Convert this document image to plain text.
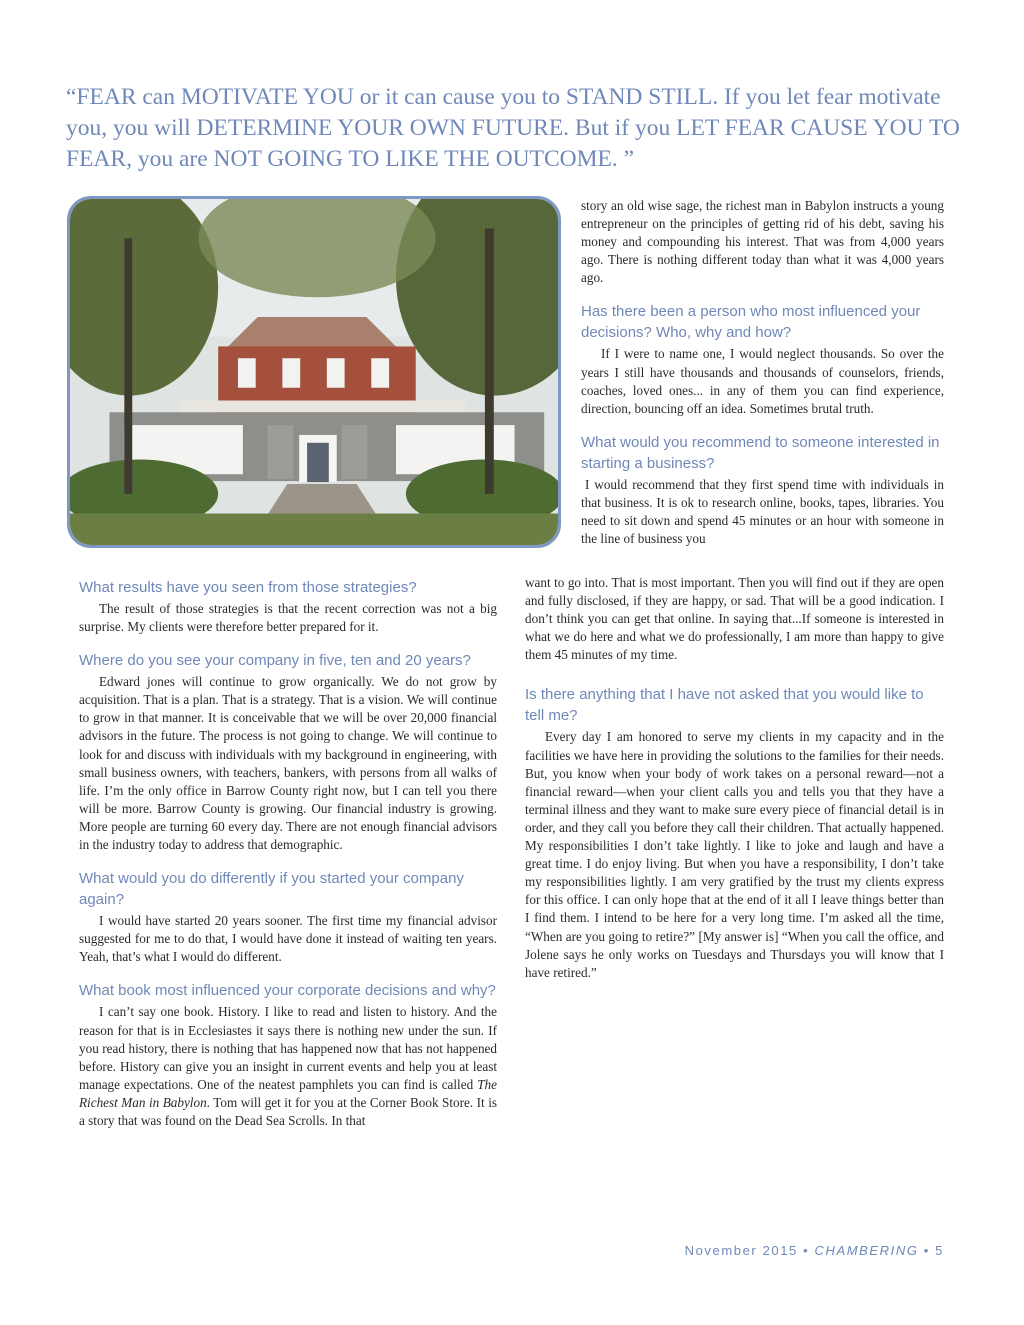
“FEAR can MOTIVATE YOU or it can cause you to STAND STILL. If you let fear motivate you, you will DETERMINE YOUR OWN FUTURE. But if you LET FEAR CAUSE YOU TO FEAR, you are NOT GOING TO LIKE THE OUTCOME. ”

story an old wise sage, the richest man in Babylon instructs a young entrepreneur on the principles of getting rid of his debt, saving his money and compounding his interest. That was from 4,000 years ago. There is nothing different today than what it was 4,000 years ago.

Has there been a person who most influenced your decisions? Who, why and how?

If I were to name one, I would neglect thousands. So over the years I still have thousands and thousands of counselors, friends, coaches, loved ones... in any of them you can find experience, direction, bouncing off an idea. Sometimes brutal truth.

What would you recommend to someone interested in starting a business?

I would recommend that they first spend time with individuals in that business. It is ok to research online, books, tapes, libraries. You need to sit down and spend 45 minutes or an hour with someone in the line of business you

want to go into. That is most important. Then you will find out if they are open and fully disclosed, if they are happy, or sad. That will be a good indication. I don’t think you can get that online. In saying that...If someone is interested in what we do here and what we do professionally, I am more than happy to give them 45 minutes of my time.

Is there anything that I have not asked that you would like to tell me?

Every day I am honored to serve my clients in my capacity and in the facilities we have here in providing the solutions to the families for their needs. But, you know when your body of work takes on a personal reward—not a financial reward—when your client calls you and tells you that they have a terminal illness and they want to make sure every piece of financial detail is in order, and they call you before they call their children. That actually happened. My responsibilities I don’t take lightly. I like to joke and laugh and have a great time. I do enjoy living. But when you have a responsibility, I don’t take my responsibilities lightly. I am very gratified by the trust my clients express for this office. I can only hope that at the end of it all I leave things better than I find them. I intend to be here for a very long time. I’m asked all the time, “When are you going to retire?” [My answer is] “When you call the office, and Jolene says he only works on Tuesdays and Thursdays you will know that I have retired.”

What results have you seen from those strategies?

The result of those strategies is that the recent correction was not a big surprise. My clients were therefore better prepared for it.

Where do you see your company in five, ten and 20 years?

Edward jones will continue to grow organically. We do not grow by acquisition. That is a plan. That is a strategy. That is a vision. We will continue to grow in that manner. It is conceivable that we will be over 20,000 financial advisors in the future. The process is not going to change. We will continue to look for and discuss with individuals with my background in engineering, with small business owners, with teachers, bankers, with persons from all walks of life. I’m the only office in Barrow County right now, but I can tell you there will be more. Barrow County is growing. Our financial industry is growing. More people are turning 60 every day. There are not enough financial advisors in the industry today to address that demographic.

What would you do differently if you started your company again?

I would have started 20 years sooner. The first time my financial advisor suggested for me to do that, I would have done it instead of waiting ten years. Yeah, that’s what I would do different.

What book most influenced your corporate decisions and why?

I can’t say one book. History. I like to read and listen to history. And the reason for that is in Ecclesiastes it says there is nothing new under the sun. If you read history, there is nothing that has happened now that has not happened before. History can give you an insight in current events and help you at least manage expectations. One of the neatest pamphlets you can find is called The Richest Man in Babylon. Tom will get it for you at the Corner Book Store. It is a story that was found on the Dead Sea Scrolls. In that

November 2015 • CHAMBERING • 5
